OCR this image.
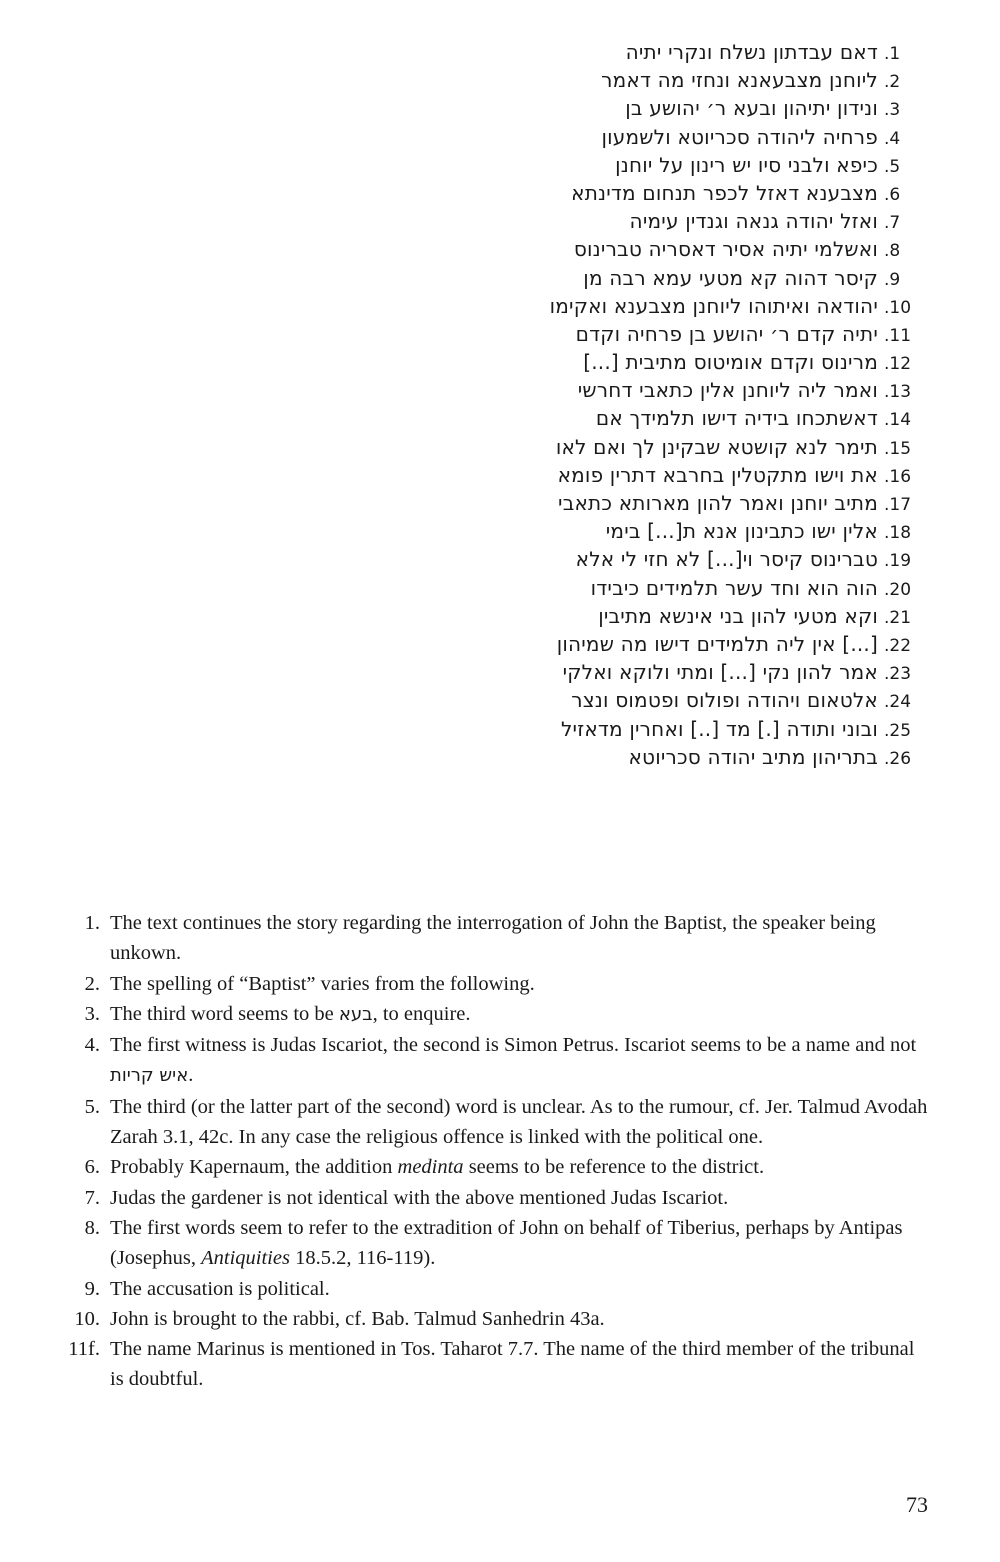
דאם עבדתון נשלח ונקרי יתיה .1
ליוחנן מצבעאנא ונחזי מה דאמר .2
ונידון יתיהון ובעא ר׳ יהושע בן .3
פרחיה ליהודה סכריוטא ולשמעון .4
כיפא ולבני סיו יש רינון על יוחנן .5
מצבענא דאזל לכפר תנחום מדינתא .6
ואזל יהודה גנאה וגנדין עימיה .7
ואשלמי יתיה אסיר דאסריה טברינוס .8
קיסר דהוה קא מטעי עמא רבה מן .9
יהודאה ואיתוהו ליוחנן מצבענא ואקימו .10
יתיה קדם ר׳ יהושע בן פרחיה וקדם .11
מרינוס וקדם אומיטוס מתיבית [...] .12
ואמר ליה ליוחנן אלין כתאבי דחרשי .13
דאשתכחו בידיה דישו תלמידך אם .14
תימר לנא קושטא שבקינן לך ואם לאו .15
את וישו מתקטלין בחרבא דתרין פומא .16
מתיב יוחנן ואמר להון מארותא כתאבי .17
אלין ישו כתבינון אנא ת[...] בימי .18
טברינוס קיסר וי[...] לא חזי לי אלא .19
הוה הוא וחד עשר תלמידים כיבידו .20
וקא מטעי להון בני אינשא מתיבין .21
[...] אין ליה תלמידים דישו מה שמיהון .22
אמר להון נקי [...] ומתי ולוקא ואלקי .23
אלטאום ויהודה ופולוס ופטמוס ונצר .24
ובוני ותודה [.] מד [..] ואחרין מדאזיל .25
בתריהון מתיב יהודה סכריוטא .26
1. The text continues the story regarding the interrogation of John the Baptist, the speaker being unkown.
2. The spelling of “Baptist” varies from the following.
3. The third word seems to be בעא, to enquire.
4. The first witness is Judas Iscariot, the second is Simon Petrus. Iscariot seems to be a name and not איש קריות.
5. The third (or the latter part of the second) word is unclear. As to the rumour, cf. Jer. Talmud Avodah Zarah 3.1, 42c. In any case the religious offence is linked with the political one.
6. Probably Kapernaum, the addition medinta seems to be reference to the district.
7. Judas the gardener is not identical with the above mentioned Judas Iscariot.
8. The first words seem to refer to the extradition of John on behalf of Tiberius, perhaps by Antipas (Josephus, Antiquities 18.5.2, 116-119).
9. The accusation is political.
10. John is brought to the rabbi, cf. Bab. Talmud Sanhedrin 43a.
11f. The name Marinus is mentioned in Tos. Taharot 7.7. The name of the third member of the tribunal is doubtful.
73
